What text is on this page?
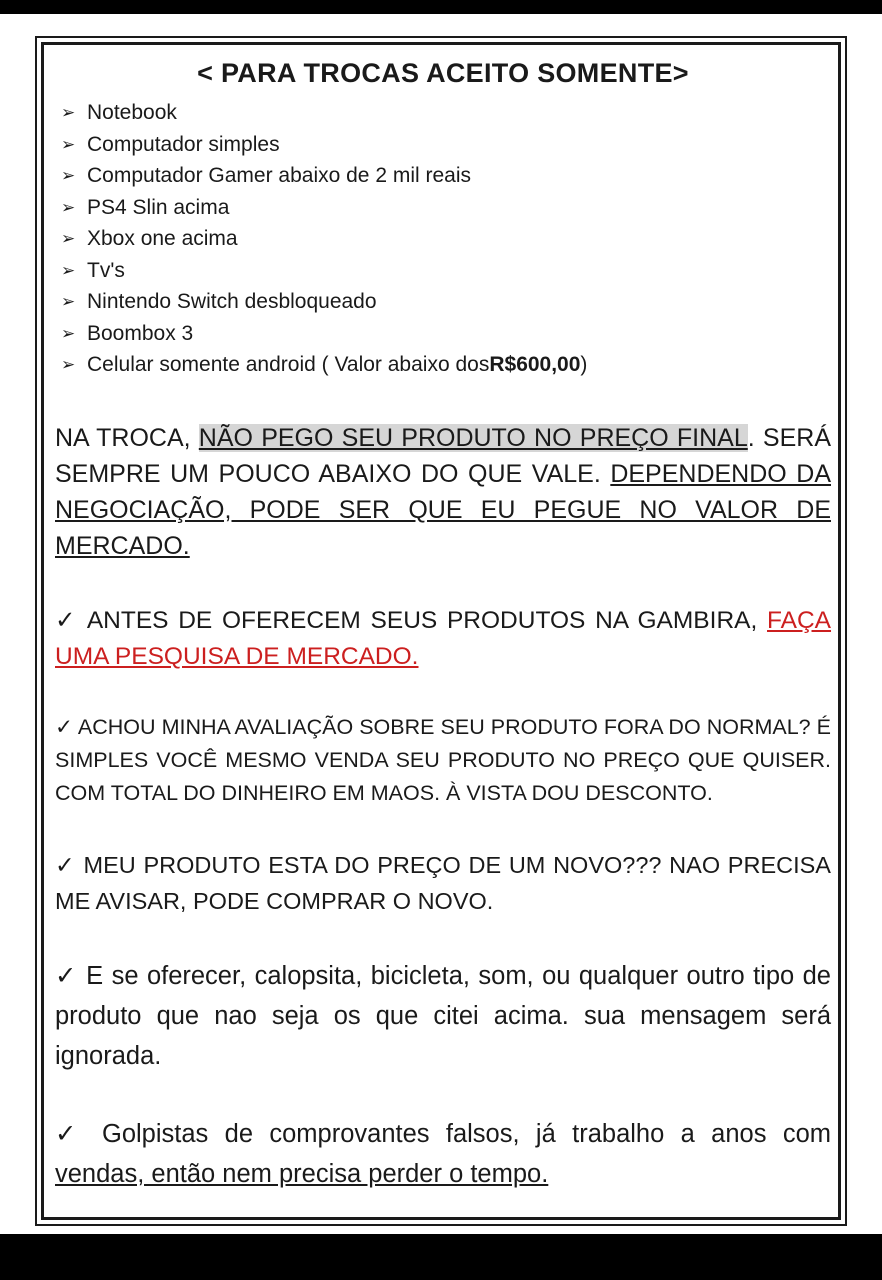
< PARA TROCAS ACEITO SOMENTE>
➢ Notebook
➢ Computador simples
➢ Computador Gamer abaixo de 2 mil reais
➢ PS4 Slin acima
➢ Xbox one acima
➢ Tv's
➢ Nintendo Switch desbloqueado
➢ Boombox 3
➢ Celular somente android ( Valor abaixo dos R$600,00 )
NA TROCA, NÃO PEGO SEU PRODUTO NO PREÇO FINAL. SERÁ SEMPRE UM POUCO ABAIXO DO QUE VALE. DEPENDENDO DA NEGOCIAÇÃO, PODE SER QUE EU PEGUE NO VALOR DE MERCADO.
✓ ANTES DE OFERECEM SEUS PRODUTOS NA GAMBIRA, FAÇA UMA PESQUISA DE MERCADO.
✓ ACHOU MINHA AVALIAÇÃO SOBRE SEU PRODUTO FORA DO NORMAL? É SIMPLES VOCÊ MESMO VENDA SEU PRODUTO NO PREÇO QUE QUISER. COM TOTAL DO DINHEIRO EM MAOS. À VISTA DOU DESCONTO.
✓ MEU PRODUTO ESTA DO PREÇO DE UM NOVO??? NAO PRECISA ME AVISAR, PODE COMPRAR O NOVO.
✓ E se oferecer, calopsita, bicicleta, som, ou qualquer outro tipo de produto que nao seja os que citei acima. sua mensagem será ignorada.
✓ Golpistas de comprovantes falsos, já trabalho a anos com vendas, então nem precisa perder o tempo.
